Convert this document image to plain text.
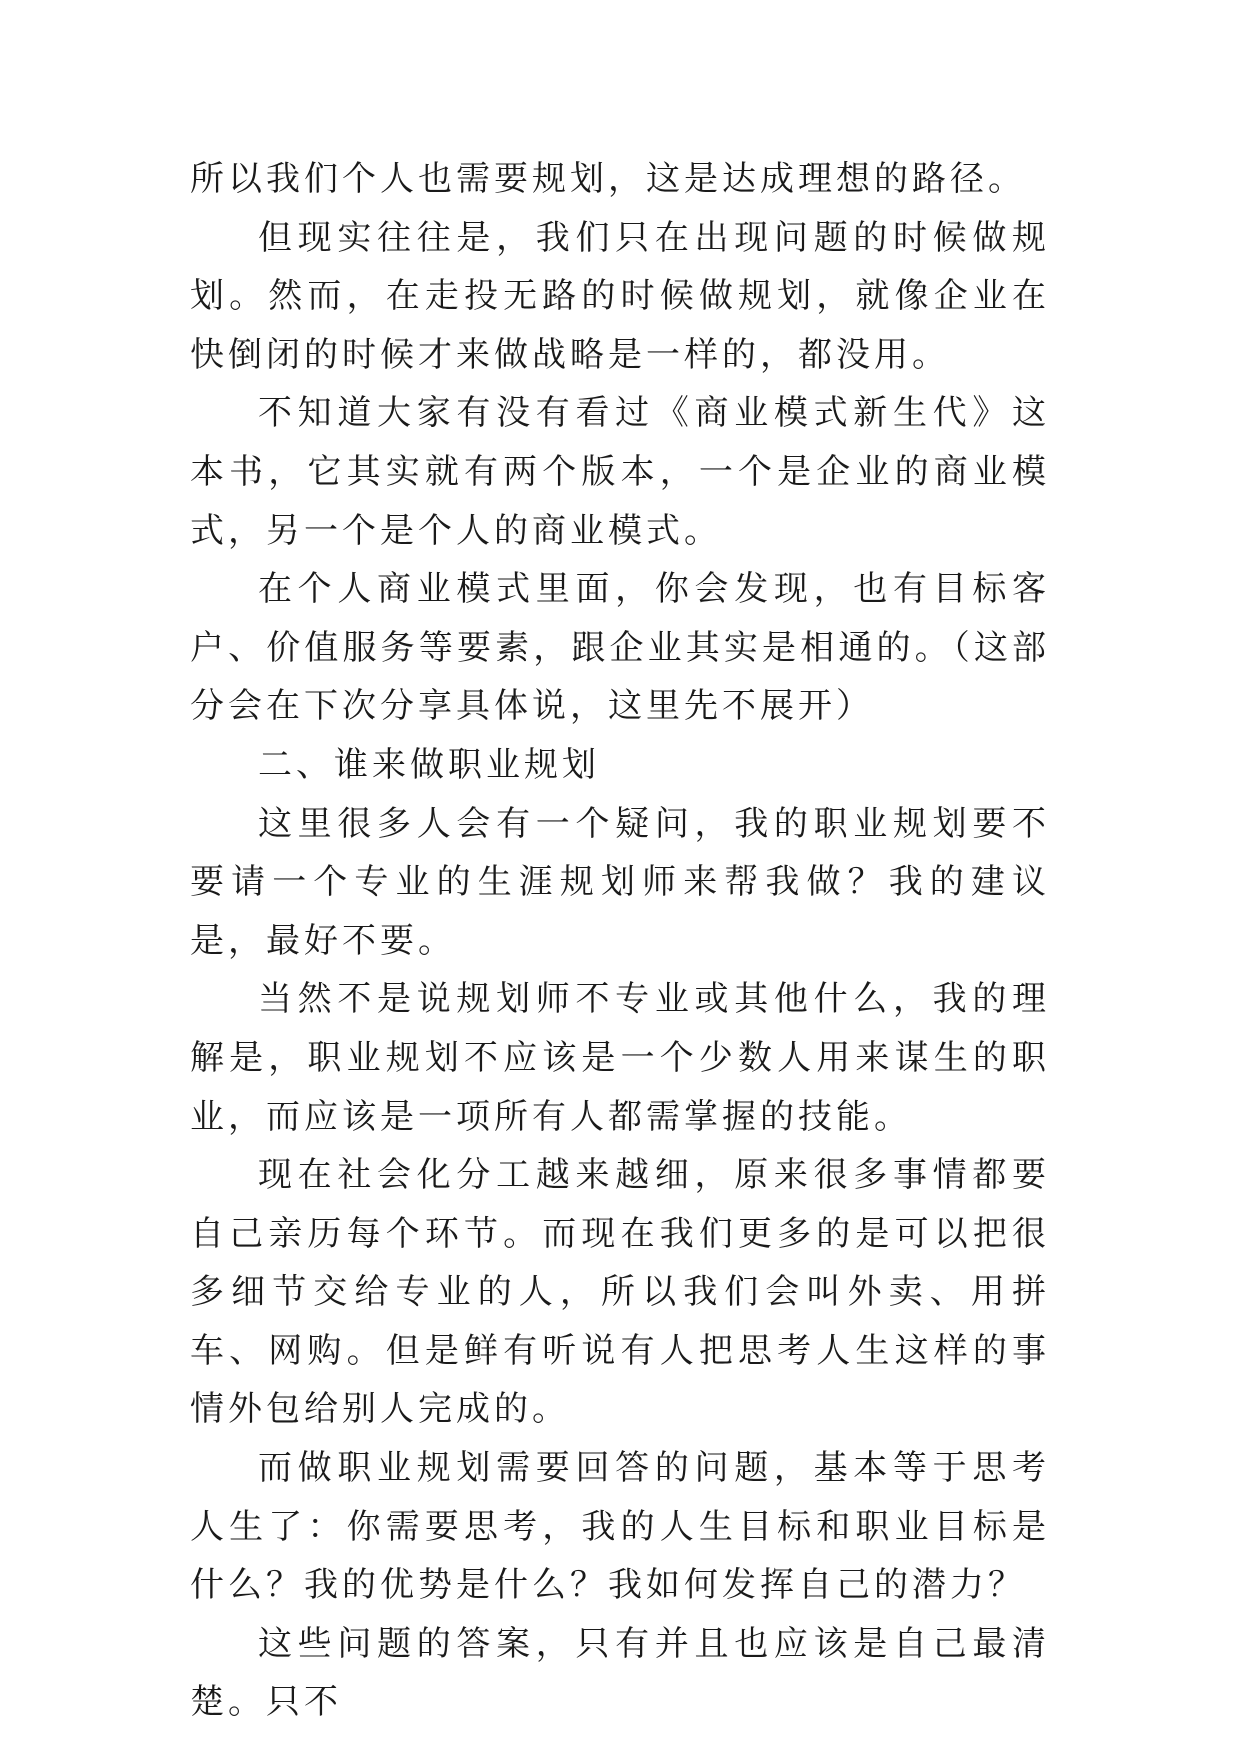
所以我们个人也需要规划，这是达成理想的路径。

但现实往往是，我们只在出现问题的时候做规划。然而，在走投无路的时候做规划，就像企业在快倒闭的时候才来做战略是一样的，都没用。

不知道大家有没有看过《商业模式新生代》这本书，它其实就有两个版本，一个是企业的商业模式，另一个是个人的商业模式。

在个人商业模式里面，你会发现，也有目标客户、价值服务等要素，跟企业其实是相通的。（这部分会在下次分享具体说，这里先不展开）

二、谁来做职业规划

这里很多人会有一个疑问，我的职业规划要不要请一个专业的生涯规划师来帮我做？我的建议是，最好不要。

当然不是说规划师不专业或其他什么，我的理解是，职业规划不应该是一个少数人用来谋生的职业，而应该是一项所有人都需掌握的技能。

现在社会化分工越来越细，原来很多事情都要自己亲历每个环节。而现在我们更多的是可以把很多细节交给专业的人，所以我们会叫外卖、用拼车、网购。但是鲜有听说有人把思考人生这样的事情外包给别人完成的。

而做职业规划需要回答的问题，基本等于思考人生了：你需要思考，我的人生目标和职业目标是什么？我的优势是什么？我如何发挥自己的潜力？

这些问题的答案，只有并且也应该是自己最清楚。只不
